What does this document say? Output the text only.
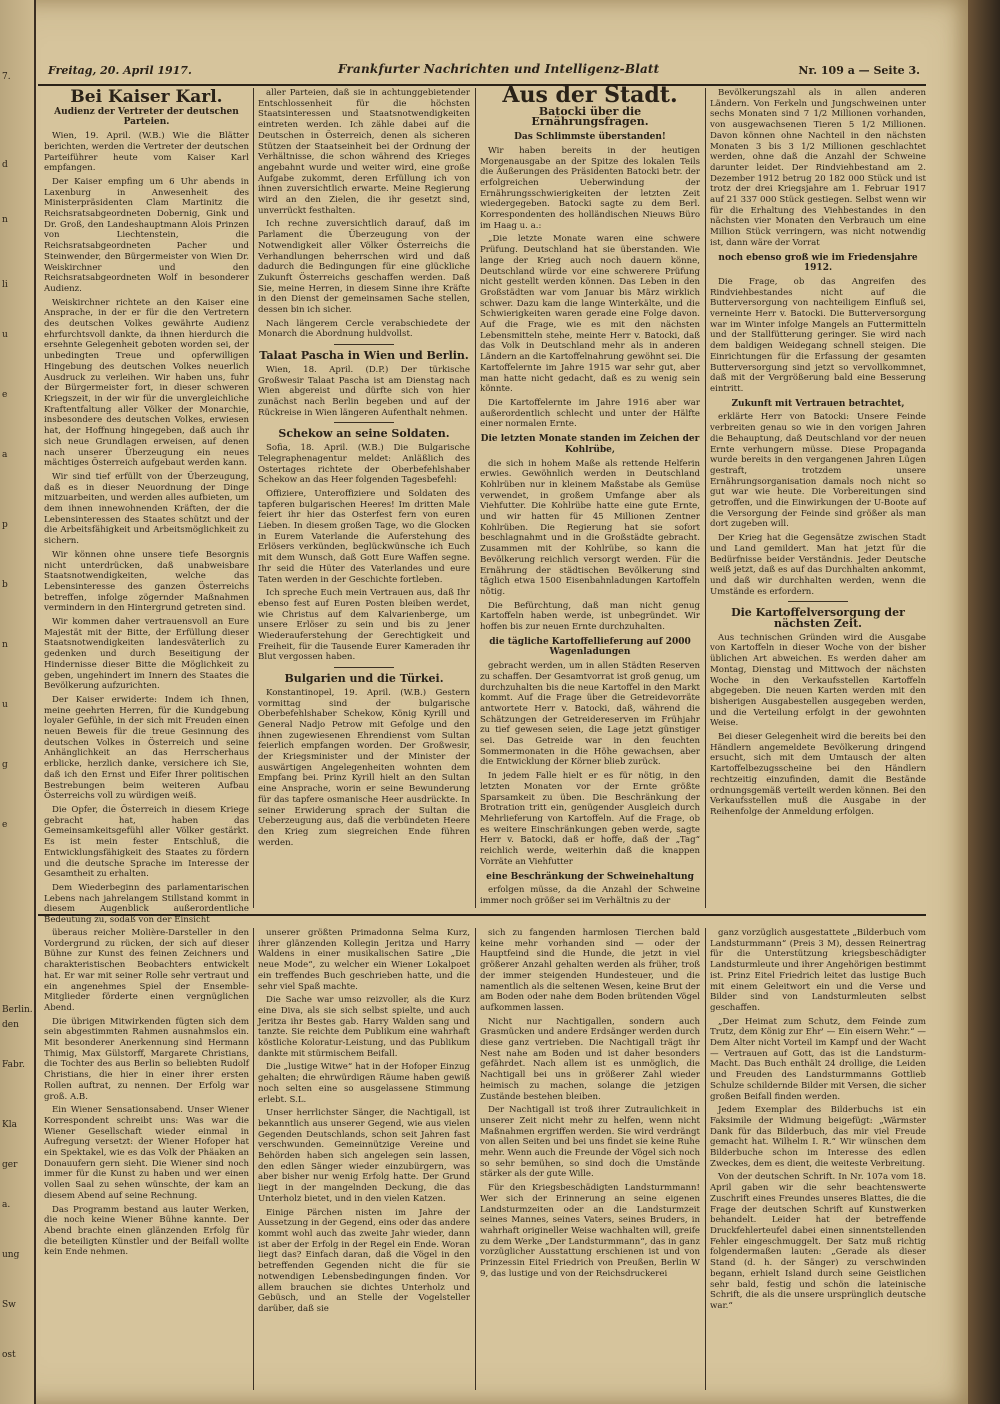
7.
d
n
li
u
e
a
p
b
n
u
g
e
Berlin.
den
Fabr.
Kla
ger
a.
ung
Sw
ost
Freitag, 20. April 1917.	Frankfurter Nachrichten und Intelligenz-Blatt	Nr. 109 a — Seite 3.
Bei Kaiser Karl.
Audienz der Vertreter der deutschen Parteien.

Wien, 19. April. (W.B.) Wie die Blätter berichten, werden die Vertreter der deutschen Parteiführer heute vom Kaiser Karl empfangen.

Der Kaiser empfing um 6 Uhr abends in Laxenburg in Anwesenheit des Ministerpräsidenten Clam Martinitz die Reichsratsabgeordneten Dobernig, Gink und Dr. Groß, den Landeshauptmann Alois Prinzen von Liechtenstein, die Reichsratsabgeordneten Pacher und Steinwender, den Bürgermeister von Wien Dr. Weiskirchner und den Reichsratsabgeordneten Wolf in besonderer Audienz.

Weiskirchner richtete an den Kaiser eine Ansprache, in der er für die den Vertretern des deutschen Volkes gewährte Audienz ehrfurchtsvoll dankte, da ihnen hierdurch die ersehnte Gelegenheit geboten worden sei, der unbedingten Treue und opferwilligen Hingebung des deutschen Volkes neuerlich Ausdruck zu verleihen. Wir haben uns, fuhr der Bürgermeister fort, in dieser schweren Kriegszeit, in der wir für die unvergleichliche Kraftentfaltung aller Völker der Monarchie, insbesondere des deutschen Volkes, erwiesen hat, der Hoffnung hingegeben, daß auch ihr sich neue Grundlagen erweisen, auf denen nach unserer Überzeugung ein neues mächtiges Österreich aufgebaut werden kann.

Wir sind tief erfüllt von der Überzeugung, daß es in dieser Neuordnung der Dinge mitzuarbeiten, und werden alles aufbieten, um dem ihnen innewohnenden Kräften, der die Lebensinteressen des Staates schützt und der die Arbeitsfähigkeit und Arbeitsmöglichkeit zu sichern.

Wir können ohne unsere tiefe Besorgnis nicht unterdrücken, daß unabweisbare Staatsnotwendigkeiten, welche das Lebensinteresse des ganzen Österreichs betreffen, infolge zögernder Maßnahmen vermindern in den Hintergrund getreten sind.

Wir kommen daher vertrauensvoll an Eure Majestät mit der Bitte, der Erfüllung dieser Staatsnotwendigkeiten landesväterlich zu gedenken und durch Beseitigung der Hindernisse dieser Bitte die Möglichkeit zu geben, ungehindert im Innern des Staates die Bevölkerung aufzurichten.

Der Kaiser erwiderte: Indem ich Ihnen, meine geehrten Herren, für die Kundgebung loyaler Gefühle, in der sich mit Freuden einen neuen Beweis für die treue Gesinnung des deutschen Volkes in Österreich und seine Anhänglichkeit an das Herrscherhaus erblicke, herzlich danke, versichere ich Sie, daß ich den Ernst und Eifer Ihrer politischen Bestrebungen beim weiteren Aufbau Österreichs voll zu würdigen weiß.

Die Opfer, die Österreich in diesem Kriege gebracht hat, haben das Gemeinsamkeitsgefühl aller Völker gestärkt. Es ist mein fester Entschluß, die Entwicklungsfähigkeit des Staates zu fördern und die deutsche Sprache im Interesse der Gesamtheit zu erhalten.

Dem Wiederbeginn des parlamentarischen Lebens nach jahrelangem Stillstand kommt in diesem Augenblick außerordentliche Bedeutung zu, sodaß von der Einsicht

aller Parteien, daß sie in achtunggebietender Entschlossenheit für die höchsten Staatsinteressen und Staatsnotwendigkeiten eintreten werden. Ich zähle dabei auf die Deutschen in Österreich, denen als sicheren Stützen der Staatseinheit bei der Ordnung der Verhältnisse, die schon während des Krieges angebahnt wurde und weiter wird, eine große Aufgabe zukommt, deren Erfüllung ich von ihnen zuversichtlich erwarte. Meine Regierung wird an den Zielen, die ihr gesetzt sind, unverrückt festhalten.

Ich rechne zuversichtlich darauf, daß im Parlament die Überzeugung von der Notwendigkeit aller Völker Österreichs die Verhandlungen beherrschen wird und daß dadurch die Bedingungen für eine glückliche Zukunft Österreichs geschaffen werden. Daß Sie, meine Herren, in diesem Sinne ihre Kräfte in den Dienst der gemeinsamen Sache stellen, dessen bin ich sicher.

Nach längerem Cercle verabschiedete der Monarch die Abordnung huldvollst.

Talaat Pascha in Wien und Berlin.

Wien, 18. April. (D.P.) Der türkische Großwesir Talaat Pascha ist am Dienstag nach Wien abgereist und dürfte sich von hier zunächst nach Berlin begeben und auf der Rückreise in Wien längeren Aufenthalt nehmen.

Schekow an seine Soldaten.

Sofia, 18. April. (W.B.) Die Bulgarische Telegraphenagentur meldet: Anläßlich des Ostertages richtete der Oberbefehlshaber Schekow an das Heer folgenden Tagesbefehl:

Offiziere, Unteroffiziere und Soldaten des tapferen bulgarischen Heeres! Im dritten Male feiert ihr hier das Osterfest fern von euren Lieben. In diesem großen Tage, wo die Glocken in Eurem Vaterlande die Auferstehung des Erlösers verkünden, beglückwünsche ich Euch mit dem Wunsch, daß Gott Eure Waffen segne. Ihr seid die Hüter des Vaterlandes und eure Taten werden in der Geschichte fortleben.

Ich spreche Euch mein Vertrauen aus, daß Ihr ebenso fest auf Euren Posten bleiben werdet, wie Christus auf dem Kalvarienberge, um unsere Erlöser zu sein und bis zu jener Wiederauferstehung der Gerechtigkeit und Freiheit, für die Tausende Eurer Kameraden ihr Blut vergossen haben.

Bulgarien und die Türkei.

Konstantinopel, 19. April. (W.B.) Gestern vormittag sind der bulgarische Oberbefehlshaber Schekow, König Kyrill und General Nadjo Petrow mit Gefolge und den ihnen zugewiesenen Ehrendienst vom Sultan feierlich empfangen worden. Der Großwesir, der Kriegsminister und der Minister der auswärtigen Angelegenheiten wohnten dem Empfang bei. Prinz Kyrill hielt an den Sultan eine Ansprache, worin er seine Bewunderung für das tapfere osmanische Heer ausdrückte. In seiner Erwiderung sprach der Sultan die Ueberzeugung aus, daß die verbündeten Heere den Krieg zum siegreichen Ende führen werden.

Aus der Stadt.
Batocki über die Ernährungsfragen.
Das Schlimmste überstanden!

Wir haben bereits in der heutigen Morgenausgabe an der Spitze des lokalen Teils die Äußerungen des Präsidenten Batocki betr. der erfolgreichen Ueberwindung der Ernährungsschwierigkeiten der letzten Zeit wiedergegeben. Batocki sagte zu dem Berl. Korrespondenten des holländischen Nieuws Büro im Haag u. a.:

„Die letzte Monate waren eine schwere Prüfung. Deutschland hat sie überstanden. Wie lange der Krieg auch noch dauern könne, Deutschland würde vor eine schwerere Prüfung nicht gestellt werden können. Das Leben in den Großstädten war vom Januar bis März wirklich schwer. Dazu kam die lange Winterkälte, und die Schwierigkeiten waren gerade eine Folge davon. Auf die Frage, wie es mit den nächsten Lebensmitteln stehe, meinte Herr v. Batocki, daß das Volk in Deutschland mehr als in anderen Ländern an die Kartoffelnahrung gewöhnt sei. Die Kartoffelernte im Jahre 1915 war sehr gut, aber man hatte nicht gedacht, daß es zu wenig sein könnte.

Die Kartoffelernte im Jahre 1916 aber war außerordentlich schlecht und unter der Hälfte einer normalen Ernte.

Die letzten Monate standen im Zeichen der Kohlrübe,

die sich in hohem Maße als rettende Helferin erwies. Gewöhnlich werden in Deutschland Kohlrüben nur in kleinem Maßstabe als Gemüse verwendet, in großem Umfange aber als Viehfutter. Die Kohlrübe hatte eine gute Ernte, und wir hatten für 45 Millionen Zentner Kohlrüben. Die Regierung hat sie sofort beschlagnahmt und in die Großstädte gebracht. Zusammen mit der Kohlrübe, so kann die Bevölkerung reichlich versorgt werden. Für die Ernährung der städtischen Bevölkerung sind täglich etwa 1500 Eisenbahnladungen Kartoffeln nötig.

Die Befürchtung, daß man nicht genug Kartoffeln haben werde, ist unbegründet. Wir hoffen bis zur neuen Ernte durchzuhalten.

die tägliche Kartoffellieferung auf 2000 Wagenladungen

gebracht werden, um in allen Städten Reserven zu schaffen. Der Gesamtvorrat ist groß genug, um durchzuhalten bis die neue Kartoffel in den Markt kommt. Auf die Frage über die Getreidevorräte antwortete Herr v. Batocki, daß, während die Schätzungen der Getreidereserven im Frühjahr zu tief gewesen seien, die Lage jetzt günstiger sei. Das Getreide war in den feuchten Sommermonaten in die Höhe gewachsen, aber die Entwicklung der Körner blieb zurück.

In jedem Falle hielt er es für nötig, in den letzten Monaten vor der Ernte größte Sparsamkeit zu üben. Die Beschränkung der Brotration tritt ein, genügender Ausgleich durch Mehrlieferung von Kartoffeln. Auf die Frage, ob es weitere Einschränkungen geben werde, sagte Herr v. Batocki, daß er hoffe, daß der „Tag“ reichlich werde, weiterhin daß die knappen Vorräte an Viehfutter

eine Beschränkung der Schweinehaltung

erfolgen müsse, da die Anzahl der Schweine immer noch größer sei im Verhältnis zu der

Bevölkerungszahl als in allen anderen Ländern. Von Ferkeln und Jungschweinen unter sechs Monaten sind 7 1/2 Millionen vorhanden, von ausgewachsenen Tieren 5 1/2 Millionen. Davon können ohne Nachteil in den nächsten Monaten 3 bis 3 1/2 Millionen geschlachtet werden, ohne daß die Anzahl der Schweine darunter leidet. Der Rindviehbestand am 2. Dezember 1912 betrug 20 182 000 Stück und ist trotz der drei Kriegsjahre am 1. Februar 1917 auf 21 337 000 Stück gestiegen. Selbst wenn wir für die Erhaltung des Viehbestandes in den nächsten vier Monaten den Verbrauch um eine Million Stück verringern, was nicht notwendig ist, dann wäre der Vorrat

noch ebenso groß wie im Friedensjahre 1912.

Die Frage, ob das Angreifen des Rindviehbestandes nicht auf die Butterversorgung von nachteiligem Einfluß sei, verneinte Herr v. Batocki. Die Butterversorgung war im Winter infolge Mangels an Futtermitteln und der Stallfütterung geringer. Sie wird nach dem baldigen Weidegang schnell steigen. Die Einrichtungen für die Erfassung der gesamten Butterversorgung sind jetzt so vervollkommnet, daß mit der Vergrößerung bald eine Besserung eintritt.

Zukunft mit Vertrauen betrachtet,

erklärte Herr von Batocki: Unsere Feinde verbreiten genau so wie in den vorigen Jahren die Behauptung, daß Deutschland vor der neuen Ernte verhungern müsse. Diese Propaganda wurde bereits in den vergangenen Jahren Lügen gestraft, trotzdem unsere Ernährungsorganisation damals noch nicht so gut war wie heute. Die Vorbereitungen sind getroffen, und die Einwirkungen der U-Boote auf die Versorgung der Feinde sind größer als man dort zugeben will.

Der Krieg hat die Gegensätze zwischen Stadt und Land gemildert. Man hat jetzt für die Bedürfnisse beider Verständnis. Jeder Deutsche weiß jetzt, daß es auf das Durchhalten ankommt, und daß wir durchhalten werden, wenn die Umstände es erfordern.

Die Kartoffelversorgung der nächsten Zeit.

Aus technischen Gründen wird die Ausgabe von Kartoffeln in dieser Woche von der bisher üblichen Art abweichen. Es werden daher am Montag, Dienstag und Mittwoch der nächsten Woche in den Verkaufsstellen Kartoffeln abgegeben. Die neuen Karten werden mit den bisherigen Ausgabestellen ausgegeben werden, und die Verteilung erfolgt in der gewohnten Weise.

Bei dieser Gelegenheit wird die bereits bei den Händlern angemeldete Bevölkerung dringend ersucht, sich mit dem Umtausch der alten Kartoffelbezugsscheine bei den Händlern rechtzeitig einzufinden, damit die Bestände ordnungsgemäß verteilt werden können. Bei den Verkaufsstellen muß die Ausgabe in der Reihenfolge der Anmeldung erfolgen.

überaus reicher Molière-Darsteller in den Vordergrund zu rücken, der sich auf dieser Bühne zur Kunst des feinen Zeichners und charakteristischen Beobachters entwickelt hat. Er war mit seiner Rolle sehr vertraut und ein angenehmes Spiel der Ensemble-Mitglieder förderte einen vergnüglichen Abend.

Die übrigen Mitwirkenden fügten sich dem sein abgestimmten Rahmen ausnahmslos ein. Mit besonderer Anerkennung sind Hermann Thimig, Max Gülstorff, Margarete Christians, die Tochter des aus Berlin so beliebten Rudolf Christians, die hier in einer ihrer ersten Rollen auftrat, zu nennen. Der Erfolg war groß. A.B.

Ein Wiener Sensationsabend. Unser Wiener Korrespondent schreibt uns: Was war die Wiener Gesellschaft wieder einmal in Aufregung versetzt: der Wiener Hofoper hat ein Spektakel, wie es das Volk der Phäaken an Donauufern gern sieht. Die Wiener sind noch immer für die Kunst zu haben und wer einen vollen Saal zu sehen wünschte, der kam an diesem Abend auf seine Rechnung.

Das Programm bestand aus lauter Werken, die noch keine Wiener Bühne kannte. Der Abend brachte einen glänzenden Erfolg für die beteiligten Künstler und der Beifall wollte kein Ende nehmen.

unserer größten Primadonna Selma Kurz, ihrer glänzenden Kollegin Jeritza und Harry Waldens in einer musikalischen Satire „Die neue Mode“, zu welcher ein Wiener Lokalpoet ein treffendes Buch geschrieben hatte, und die sehr viel Spaß machte.

Die Sache war umso reizvoller, als die Kurz eine Diva, als sie sich selbst spielte, und auch Jeritza ihr Bestes gab. Harry Walden sang und tanzte. Sie reichte dem Publikum eine wahrhaft köstliche Koloratur-Leistung, und das Publikum dankte mit stürmischem Beifall.

Die „lustige Witwe“ hat in der Hofoper Einzug gehalten; die ehrwürdigen Räume haben gewiß noch selten eine so ausgelassene Stimmung erlebt. S.L.

Unser herrlichster Sänger, die Nachtigall, ist bekanntlich aus unserer Gegend, wie aus vielen Gegenden Deutschlands, schon seit Jahren fast verschwunden. Gemeinnützige Vereine und Behörden haben sich angelegen sein lassen, den edlen Sänger wieder einzubürgern, was aber bisher nur wenig Erfolg hatte. Der Grund liegt in der mangelnden Deckung, die das Unterholz bietet, und in den vielen Katzen.

Einige Pärchen nisten im Jahre der Aussetzung in der Gegend, eins oder das andere kommt wohl auch das zweite Jahr wieder, dann ist aber der Erfolg in der Regel ein Ende. Woran liegt das? Einfach daran, daß die Vögel in den betreffenden Gegenden nicht die für sie notwendigen Lebensbedingungen finden. Vor allem brauchen sie dichtes Unterholz und Gebüsch, und an Stelle der Vogelsteller darüber, daß sie

sich zu fangenden harmlosen Tierchen bald keine mehr vorhanden sind — oder der Hauptfeind sind die Hunde, die jetzt in viel größerer Anzahl gehalten werden als früher, troß der immer steigenden Hundesteuer, und die namentlich als die seltenen Wesen, keine Brut der am Boden oder nahe dem Boden brütenden Vögel aufkommen lassen.

Nicht nur Nachtigallen, sondern auch Grasmücken und andere Erdsänger werden durch diese ganz vertrieben. Die Nachtigall trägt ihr Nest nahe am Boden und ist daher besonders gefährdet. Nach allem ist es unmöglich, die Nachtigall bei uns in größerer Zahl wieder heimisch zu machen, solange die jetzigen Zustände bestehen bleiben.

Der Nachtigall ist troß ihrer Zutraulichkeit in unserer Zeit nicht mehr zu helfen, wenn nicht Maßnahmen ergriffen werden. Sie wird verdrängt von allen Seiten und bei uns findet sie keine Ruhe mehr. Wenn auch die Freunde der Vögel sich noch so sehr bemühen, so sind doch die Umstände stärker als der gute Wille.

Für den Kriegsbeschädigten Landsturmmann! Wer sich der Erinnerung an seine eigenen Landsturmzeiten oder an die Landsturmzeit seines Mannes, seines Vaters, seines Bruders, in wahrhaft origineller Weise wachhalten will, greife zu dem Werke „Der Landsturmmann“, das in ganz vorzüglicher Ausstattung erschienen ist und von Prinzessin Eitel Friedrich von Preußen, Berlin W 9, das lustige und von der Reichsdruckerei

ganz vorzüglich ausgestattete „Bilderbuch vom Landsturmmann“ (Preis 3 M), dessen Reinertrag für die Unterstützung kriegsbeschädigter Landsturmleute und ihrer Angehörigen bestimmt ist. Prinz Eitel Friedrich leitet das lustige Buch mit einem Geleitwort ein und die Verse und Bilder sind von Landsturmleuten selbst geschaffen.

„Der Heimat zum Schutz, dem Feinde zum Trutz, dem König zur Ehr' — Ein eisern Wehr.“ — Dem Alter nicht Vorteil im Kampf und der Wacht — Vertrauen auf Gott, das ist die Landsturm-Macht. Das Buch enthält 24 drollige, die Leiden und Freuden des Landsturmmanns Gottlieb Schulze schildernde Bilder mit Versen, die sicher großen Beifall finden werden.

Jedem Exemplar des Bilderbuchs ist ein Faksimile der Widmung beigefügt: „Wärmster Dank für das Bilderbuch, das mir viel Freude gemacht hat. Wilhelm I. R.“ Wir wünschen dem Bilderbuche schon im Interesse des edlen Zweckes, dem es dient, die weiteste Verbreitung.

Von der deutschen Schrift. In Nr. 107a vom 18. April gaben wir die sehr beachtenswerte Zuschrift eines Freundes unseres Blattes, die die Frage der deutschen Schrift auf Kunstwerken behandelt. Leider hat der betreffende Druckfehlerteufel dabei einen sinnentstellenden Fehler eingeschmuggelt. Der Satz muß richtig folgendermaßen lauten: „Gerade als dieser Stand (d. h. der Sänger) zu verschwinden begann, erhielt Island durch seine Geistlichen sehr bald, festig und schön die lateinische Schrift, die als die unsere ursprünglich deutsche war.“
